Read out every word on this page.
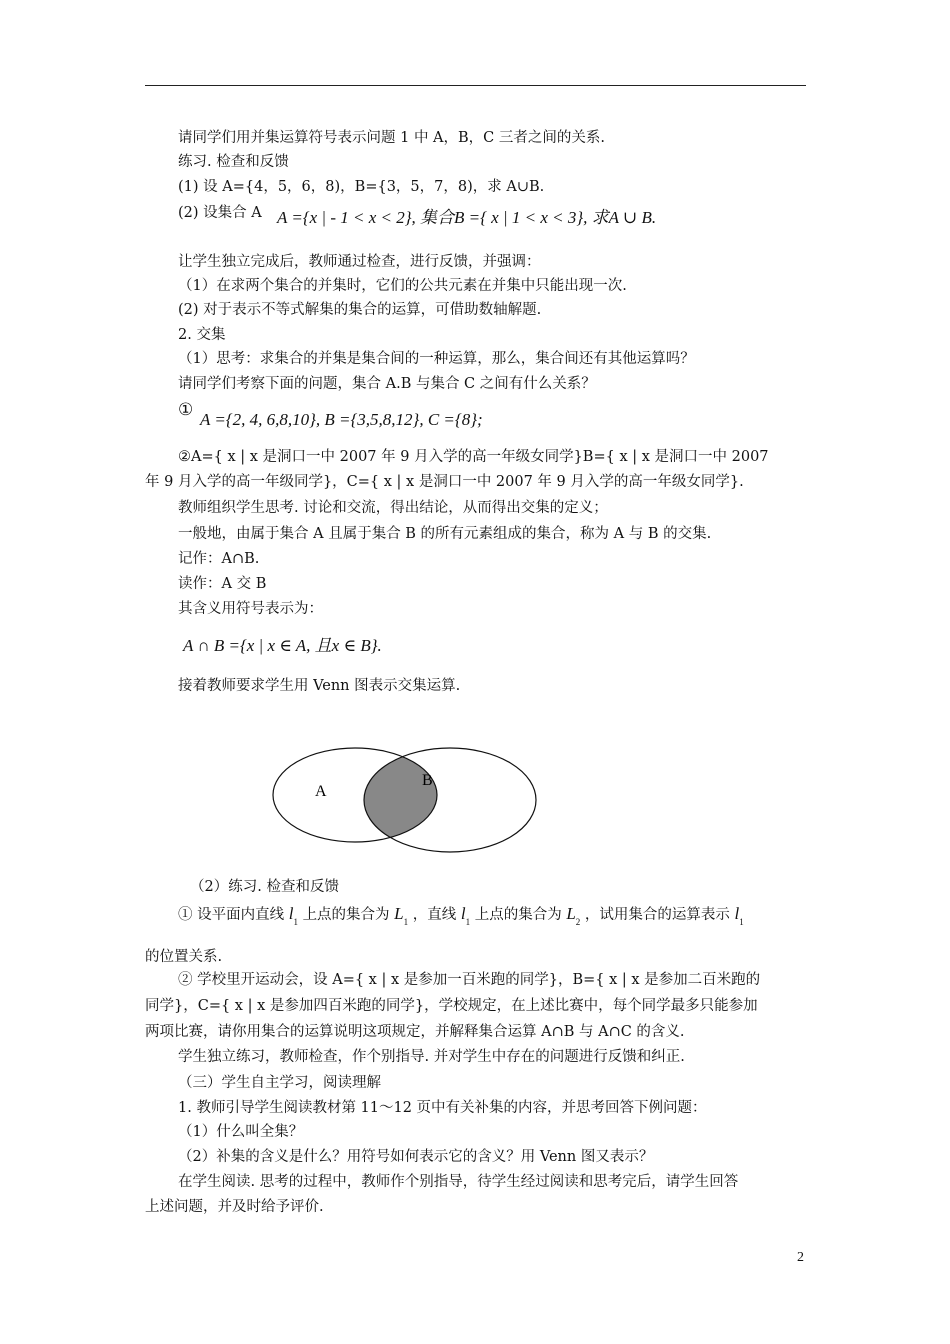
请同学们用并集运算符号表示问题 1 中 A，B，C 三者之间的关系.
练习. 检查和反馈
(1) 设 A={4，5，6，8)，B={3，5，7，8)，求 A∪B.
(2) 设集合 A A ={x | - 1 < x < 2}, 集合B ={ x | 1 < x < 3}, 求A ∪ B.
让学生独立完成后，教师通过检查，进行反馈，并强调：
（1）在求两个集合的并集时，它们的公共元素在并集中只能出现一次.
(2) 对于表示不等式解集的集合的运算，可借助数轴解题.
2. 交集
（1）思考：求集合的并集是集合间的一种运算，那么，集合间还有其他运算吗？
请同学们考察下面的问题，集合 A.B 与集合 C 之间有什么关系？
① A ={2, 4, 6,8,10}, B ={3,5,8,12}, C ={8};
②A={ x | x 是洞口一中 2007 年 9 月入学的高一年级女同学}B={ x | x 是洞口一中 2007
年 9 月入学的高一年级同学}，C={ x | x 是洞口一中 2007 年 9 月入学的高一年级女同学}.
教师组织学生思考. 讨论和交流，得出结论，从而得出交集的定义；
一般地，由属于集合 A 且属于集合 B 的所有元素组成的集合，称为 A 与 B 的交集.
记作：A∩B.
读作：A 交 B
其含义用符号表示为：
A ∩ B ={x | x ∈ A, 且x ∈ B}.
接着教师要求学生用 Venn 图表示交集运算.
A
B
（2）练习. 检查和反馈
① 设平面内直线 $l_1$ 上点的集合为 $L_1$ ，直线 $l_1$ 上点的集合为 $L_2$ ，试用集合的运算表示 $l_1$
的位置关系.
② 学校里开运动会，设 A={ x | x 是参加一百米跑的同学}，B={ x | x 是参加二百米跑的
同学}，C={ x | x 是参加四百米跑的同学}，学校规定，在上述比赛中，每个同学最多只能参加
两项比赛，请你用集合的运算说明这项规定，并解释集合运算 A∩B 与 A∩C 的含义.
学生独立练习，教师检查，作个别指导. 并对学生中存在的问题进行反馈和纠正.
（三）学生自主学习，阅读理解
1. 教师引导学生阅读教材第 11～12 页中有关补集的内容，并思考回答下例问题：
（1）什么叫全集？
（2）补集的含义是什么？用符号如何表示它的含义？用 Venn 图又表示？
在学生阅读. 思考的过程中，教师作个别指导，待学生经过阅读和思考完后，请学生回答
上述问题，并及时给予评价.
2
